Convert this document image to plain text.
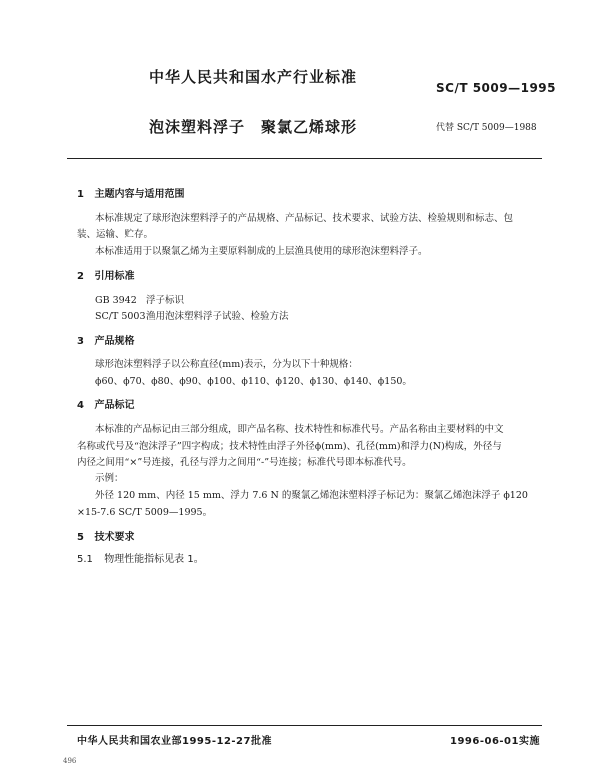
中华人民共和国水产行业标准
SC/T 5009—1995
泡沫塑料浮子　聚氯乙烯球形	代替 SC/T 5009—1988
1 主题内容与适用范围
本标准规定了球形泡沫塑料浮子的产品规格、产品标记、技术要求、试验方法、检验规则和标志、包
装、运输、贮存。
本标准适用于以聚氯乙烯为主要原料制成的上层渔具使用的球形泡沫塑料浮子。
2 引用标准
GB 3942 浮子标识
SC/T 5003渔用泡沫塑料浮子试验、检验方法
3 产品规格
球形泡沫塑料浮子以公称直径(mm)表示，分为以下十种规格：
ϕ60、ϕ70、ϕ80、ϕ90、ϕ100、ϕ110、ϕ120、ϕ130、ϕ140、ϕ150。
4 产品标记
本标准的产品标记由三部分组成，即产品名称、技术特性和标准代号。产品名称由主要材料的中文
名称或代号及“泡沫浮子”四字构成；技术特性由浮子外径ϕ(mm)、孔径(mm)和浮力(N)构成，外径与
内径之间用“×”号连接，孔径与浮力之间用“-”号连接；标准代号即本标准代号。
示例：
外径 120 mm、内径 15 mm、浮力 7.6 N 的聚氯乙烯泡沫塑料浮子标记为：聚氯乙烯泡沫浮子 ϕ120
×15-7.6 SC/T 5009—1995。
5 技术要求
5.1 物理性能指标见表 1。
中华人民共和国农业部1995-12-27批准	1996-06-01实施
496
